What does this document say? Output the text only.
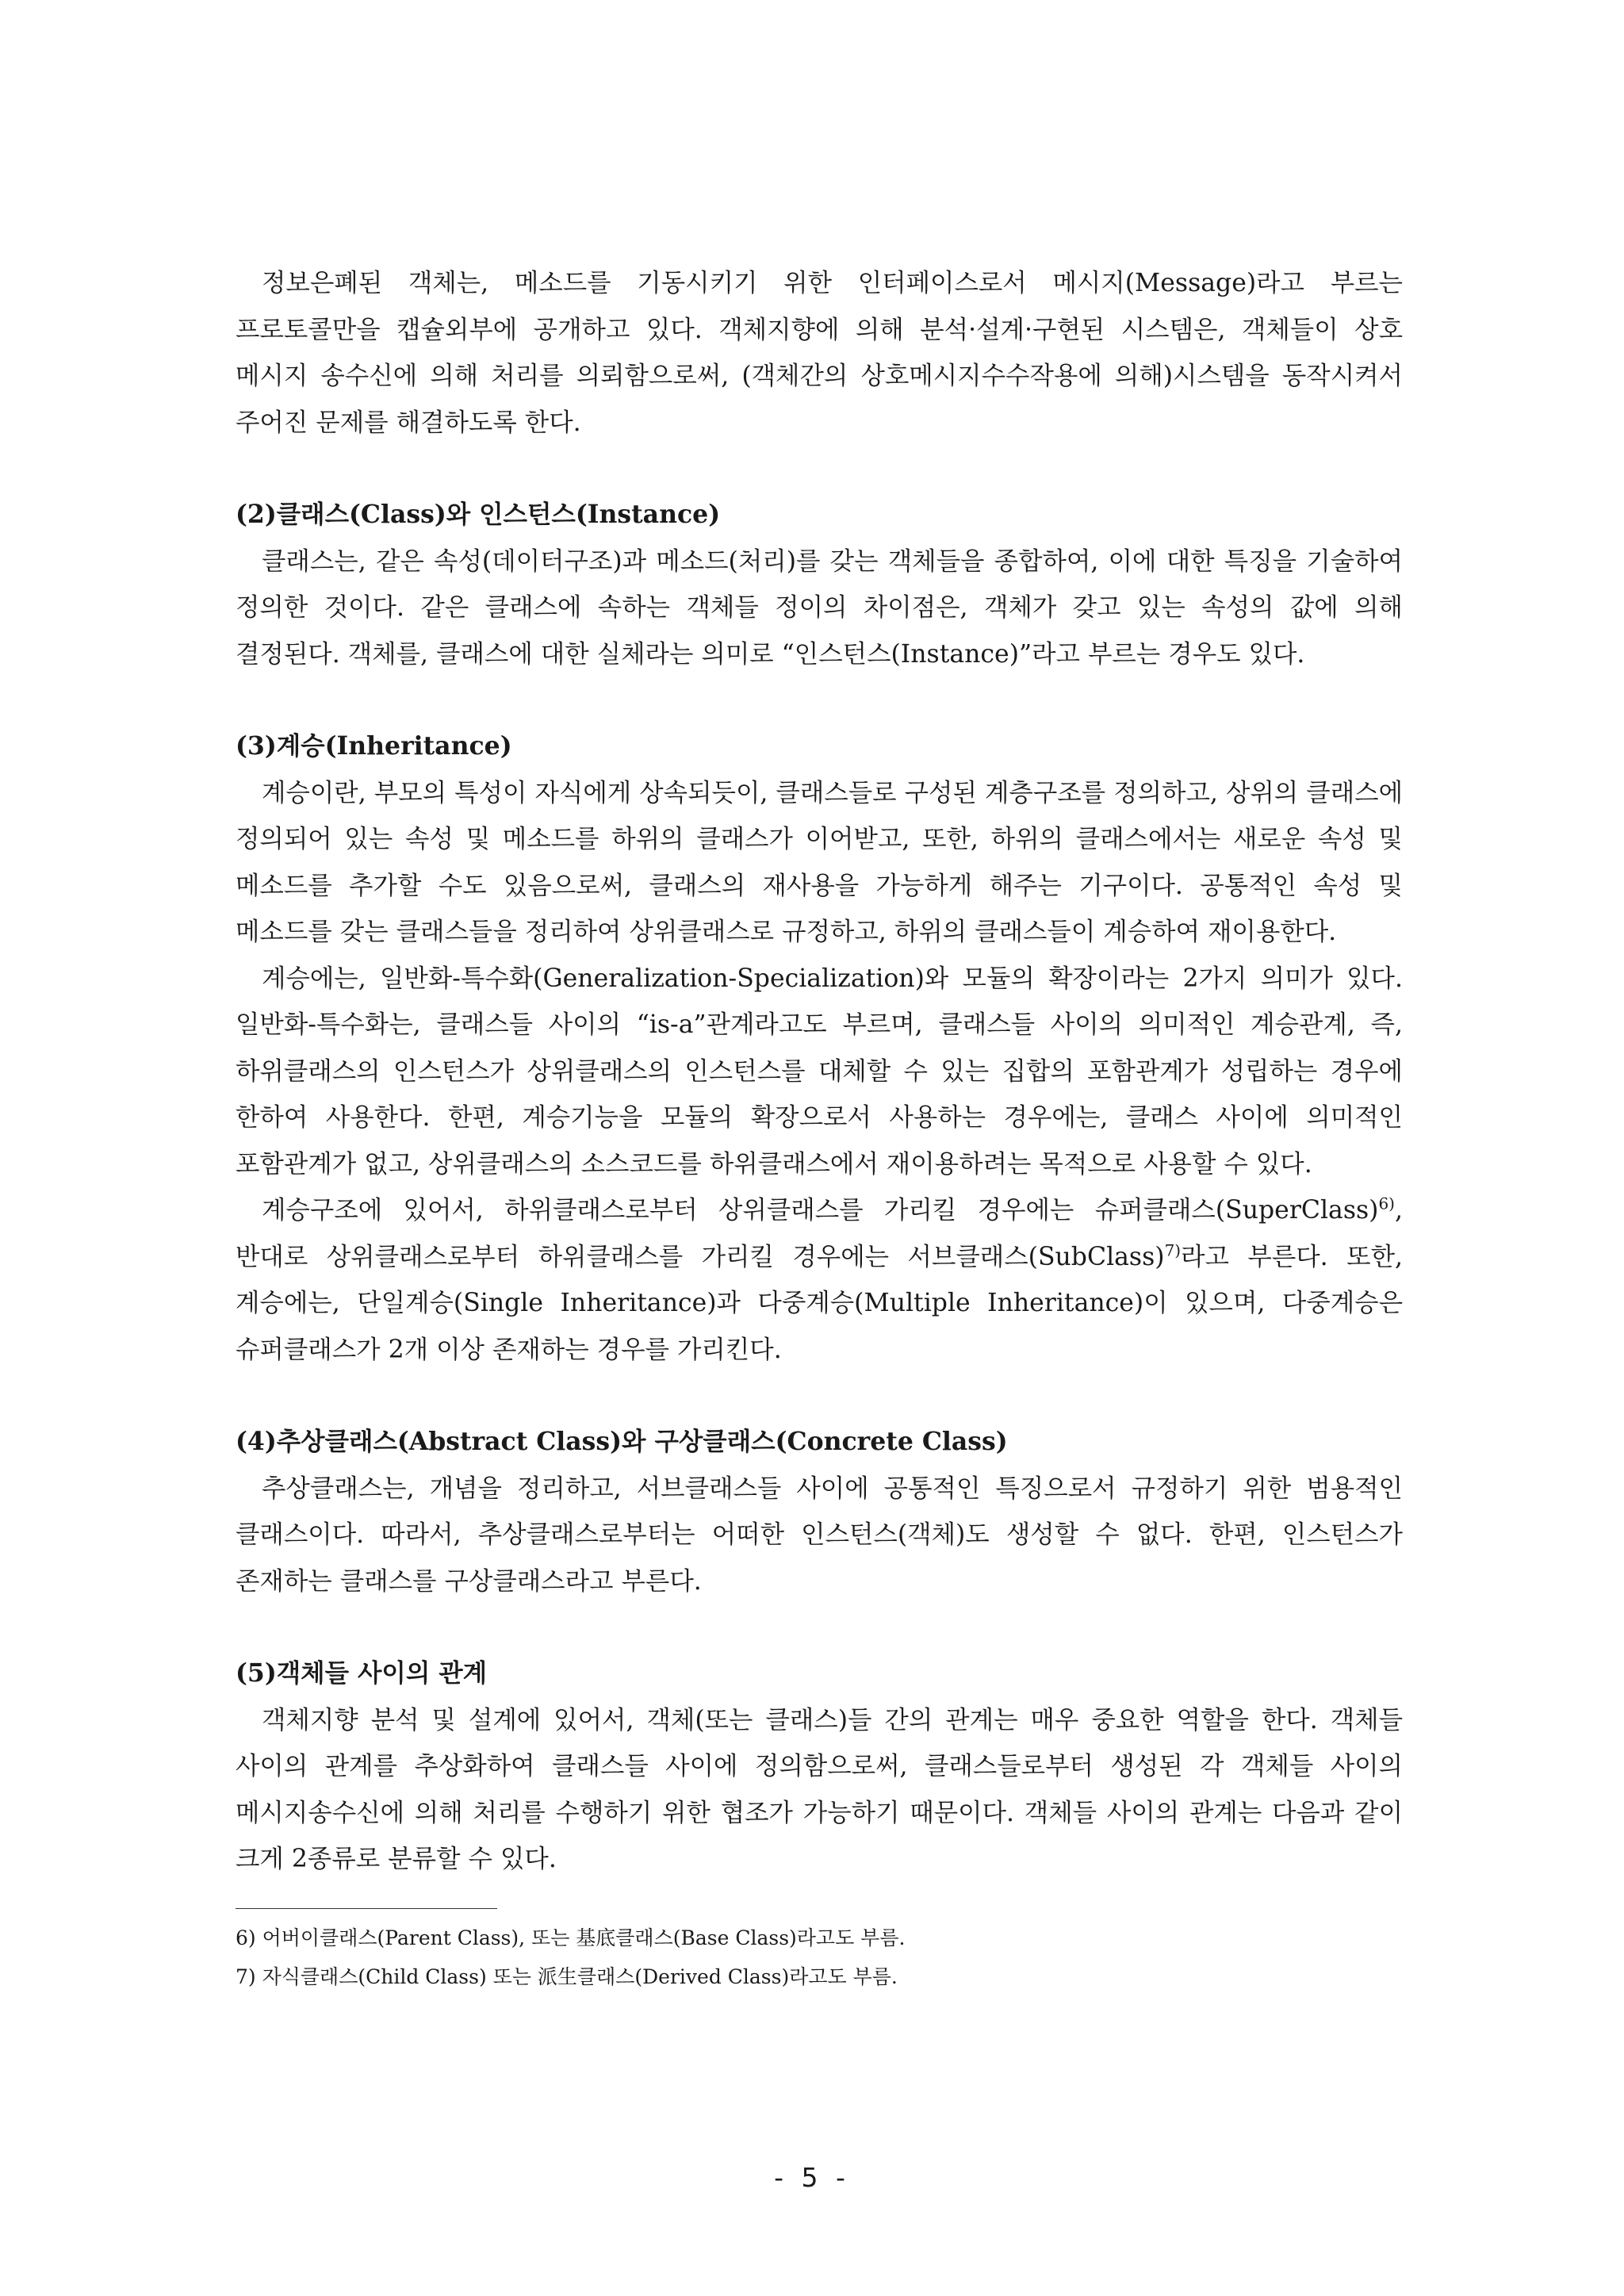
정보은폐된 객체는, 메소드를 기동시키기 위한 인터페이스로서 메시지(Message)라고 부르는 프로토콜만을 캡슐외부에 공개하고 있다. 객체지향에 의해 분석·설계·구현된 시스템은, 객체들이 상호 메시지 송수신에 의해 처리를 의뢰함으로써, (객체간의 상호메시지수수작용에 의해)시스템을 동작시켜서 주어진 문제를 해결하도록 한다.

(2)클래스(Class)와 인스턴스(Instance)

클래스는, 같은 속성(데이터구조)과 메소드(처리)를 갖는 객체들을 종합하여, 이에 대한 특징을 기술하여 정의한 것이다. 같은 클래스에 속하는 객체들 정이의 차이점은, 객체가 갖고 있는 속성의 값에 의해 결정된다. 객체를, 클래스에 대한 실체라는 의미로 “인스턴스(Instance)”라고 부르는 경우도 있다.

(3)계승(Inheritance)

계승이란, 부모의 특성이 자식에게 상속되듯이, 클래스들로 구성된 계층구조를 정의하고, 상위의 클래스에 정의되어 있는 속성 및 메소드를 하위의 클래스가 이어받고, 또한, 하위의 클래스에서는 새로운 속성 및 메소드를 추가할 수도 있음으로써, 클래스의 재사용을 가능하게 해주는 기구이다. 공통적인 속성 및 메소드를 갖는 클래스들을 정리하여 상위클래스로 규정하고, 하위의 클래스들이 계승하여 재이용한다.

계승에는, 일반화-특수화(Generalization-Specialization)와 모듈의 확장이라는 2가지 의미가 있다. 일반화-특수화는, 클래스들 사이의 “is-a”관계라고도 부르며, 클래스들 사이의 의미적인 계승관계, 즉, 하위클래스의 인스턴스가 상위클래스의 인스턴스를 대체할 수 있는 집합의 포함관계가 성립하는 경우에 한하여 사용한다. 한편, 계승기능을 모듈의 확장으로서 사용하는 경우에는, 클래스 사이에 의미적인 포함관계가 없고, 상위클래스의 소스코드를 하위클래스에서 재이용하려는 목적으로 사용할 수 있다.

계승구조에 있어서, 하위클래스로부터 상위클래스를 가리킬 경우에는 슈퍼클래스(SuperClass)$^{6)}$, 반대로 상위클래스로부터 하위클래스를 가리킬 경우에는 서브클래스(SubClass)$^{7)}$라고 부른다. 또한, 계승에는, 단일계승(Single Inheritance)과 다중계승(Multiple Inheritance)이 있으며, 다중계승은 슈퍼클래스가 2개 이상 존재하는 경우를 가리킨다.

(4)추상클래스(Abstract Class)와 구상클래스(Concrete Class)

추상클래스는, 개념을 정리하고, 서브클래스들 사이에 공통적인 특징으로서 규정하기 위한 범용적인 클래스이다. 따라서, 추상클래스로부터는 어떠한 인스턴스(객체)도 생성할 수 없다. 한편, 인스턴스가 존재하는 클래스를 구상클래스라고 부른다.

(5)객체들 사이의 관계

객체지향 분석 및 설계에 있어서, 객체(또는 클래스)들 간의 관계는 매우 중요한 역할을 한다. 객체들 사이의 관계를 추상화하여 클래스들 사이에 정의함으로써, 클래스들로부터 생성된 각 객체들 사이의 메시지송수신에 의해 처리를 수행하기 위한 협조가 가능하기 때문이다. 객체들 사이의 관계는 다음과 같이 크게 2종류로 분류할 수 있다.

6) 어버이클래스(Parent Class), 또는 基底클래스(Base Class)라고도 부름.

7) 자식클래스(Child Class) 또는 派生클래스(Derived Class)라고도 부름.

- 5 -
